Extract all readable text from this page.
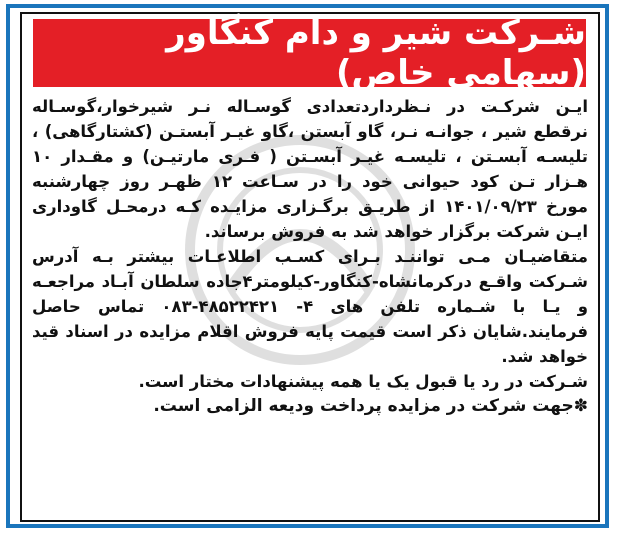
شـرکت شیر و دام کنگاور (سهامی خاص)

ایـن شرکـت در نـظرداردتعدادی گوسـاله نـر شیرخوار،گوسـاله نرقطع شیر ، جوانـه نـر، گاو آبستن ،گاو غیـر آبستـن (کشتارگاهی) ، تلیسـه آبسـتن ، تلیسـه غیـر آبسـتن ( فـری مارتیـن) و مقـدار ۱۰ هـزار تـن کود حیوانی خود را در سـاعت ۱۲ ظهـر روز چهارشنبه مورخ ۱۴۰۱/۰۹/۲۳ از طریـق برگـزاری مزایـده کـه درمحـل گاوداری ایـن شرکت برگزار خواهد شد به فروش برساند.

متقاضیـان مـی تواننـد بـرای کسـب اطلاعـات بیشتر بـه آدرس شـرکت واقـع درکرمانشاه-کنگاور-کیلومتر۴جاده سلطان آبـاد مراجعـه و یـا با شـماره تلفن های ۴- ۴۸۵۲۲۴۲۱-۰۸۳ تماس حاصل فرمایند.شایان ذکر است قیمت پایه فروش اقلام مزایده در اسناد قید خواهد شد.

شـرکت در رد یا قبول یک یا همه پیشنهادات مختار است.

✽جهت شرکت در مزایده پرداخت ودیعه الزامی است.
